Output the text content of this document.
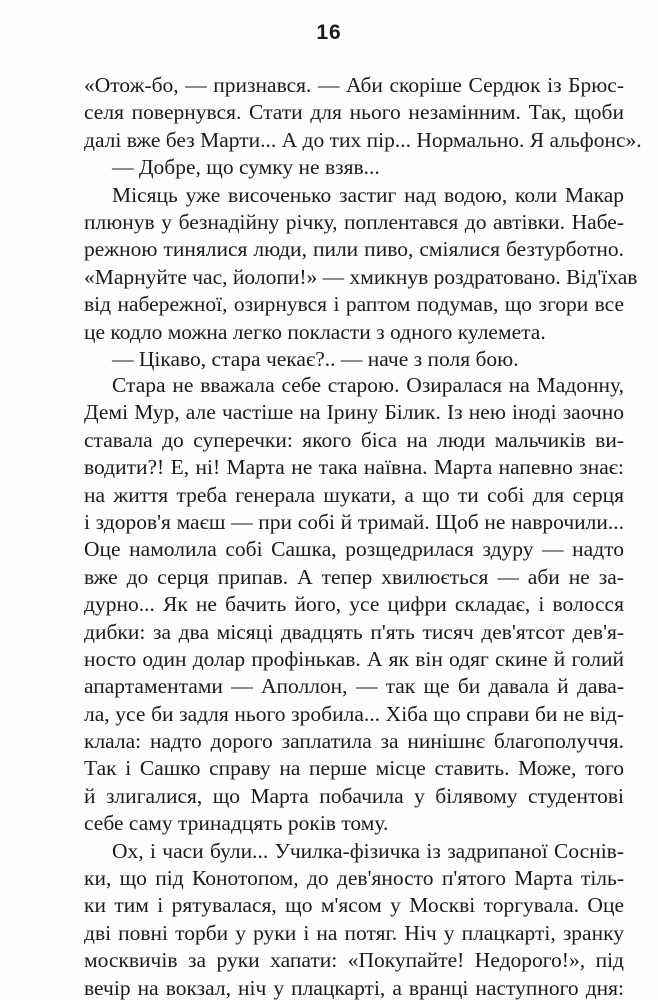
16
«Отож-бо, — признався. — Аби скоріше Сердюк із Брюс-
селя повернувся. Стати для нього незамінним. Так, щоби
далі вже без Марти... А до тих пір... Нормально. Я альфонс».
— Добре, що сумку не взяв...
Місяць уже височенько застиг над водою, коли Макар
плюнув у безнадійну річку, поплентався до автівки. Набе-
режною тинялися люди, пили пиво, сміялися безтурботно.
«Марнуйте час, йолопи!» — хмикнув роздратовано. Від'їхав
від набережної, озирнувся і раптом подумав, що згори все
це кодло можна легко покласти з одного кулемета.
— Цікаво, стара чекає?.. — наче з поля бою.
Стара не вважала себе старою. Озиралася на Мадонну,
Демі Мур, але частіше на Ірину Білик. Із нею іноді заочно
ставала до суперечки: якого біса на люди мальчиків ви-
водити?! Е, ні! Марта не така наївна. Марта напевно знає:
на життя треба генерала шукати, а що ти собі для серця
і здоров'я маєш — при собі й тримай. Щоб не наврочили...
Оце намолила собі Сашка, розщедрилася здуру — надто
вже до серця припав. А тепер хвилюється — аби не за-
дурно... Як не бачить його, усе цифри складає, і волосся
дибки: за два місяці двадцять п'ять тисяч дев'ятсот дев'я-
носто один долар профінькав. А як він одяг скине й голий
апартаментами — Аполлон, — так ще би давала й дава-
ла, усе би задля нього зробила... Хіба що справи би не від-
клала: надто дорого заплатила за нинішнє благополуччя.
Так і Сашко справу на перше місце ставить. Може, того
й злигалися, що Марта побачила у білявому студентові
себе саму тринадцять років тому.
Ох, і часи були... Училка-фізичка із задрипаної Соснів-
ки, що під Конотопом, до дев'яносто п'ятого Марта тіль-
ки тим і рятувалася, що м'ясом у Москві торгувала. Оце
дві повні торби у руки і на потяг. Ніч у плацкарті, зранку
москвичів за руки хапати: «Покупайте! Недорого!», під
вечір на вокзал, ніч у плацкарті, а вранці наступного дня:
